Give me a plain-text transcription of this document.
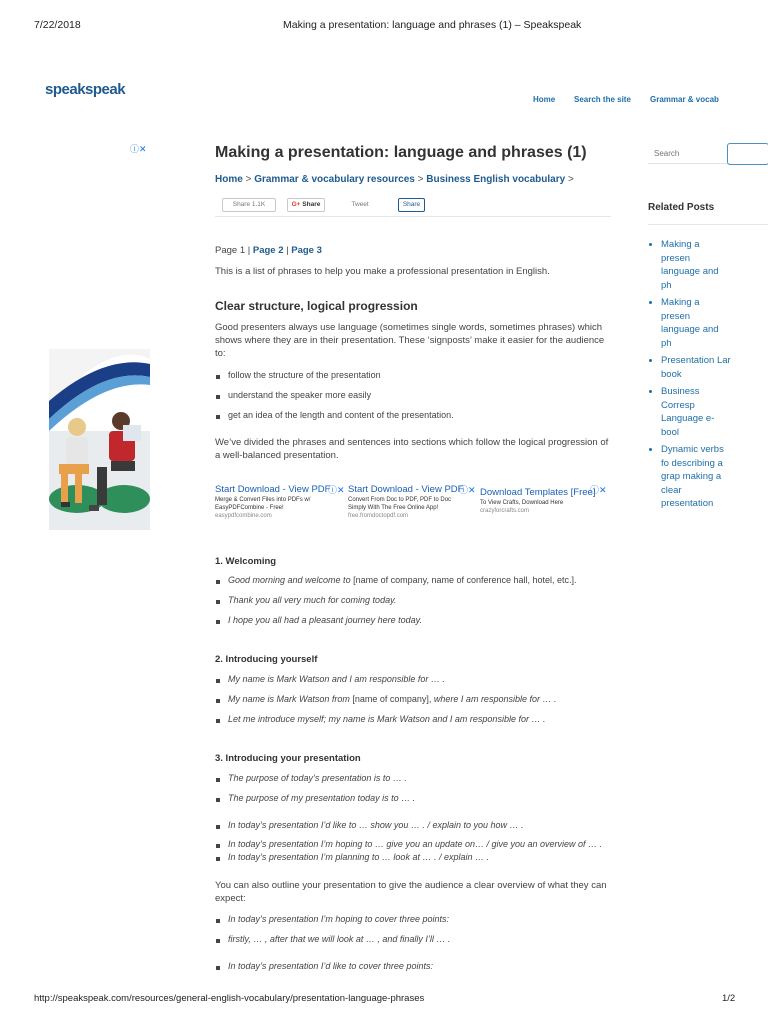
7/22/2018	Making a presentation: language and phrases (1) – Speakspeak
speakspeak
Home Search the site Grammar & vocab
ⓘ✕	Making a presentation: language and phrases (1)
Home > Grammar & vocabulary resources > Business English vocabulary >
Share 1.1K	G+ Share	Tweet	Share
Page 1 | Page 2 | Page 3
This is a list of phrases to help you make a professional presentation in English.
Clear structure, logical progression
Good presenters always use language (sometimes single words, sometimes phrases) which shows where they are in their presentation. These ‘signposts’ make it easier for the audience to:
follow the structure of the presentation
understand the speaker more easily
get an idea of the length and content of the presentation.
We’ve divided the phrases and sentences into sections which follow the logical progression of a well-balanced presentation.
Start Download - View PDF
Merge & Convert Files into PDFs w/
EasyPDFCombine - Free!
easypdfcombine.com
ⓘ✕ Start Download - View PDF
Convert From Doc to PDF, PDF to Doc
Simply With The Free Online App!
free.fromdoctopdf.com
ⓘ✕ Download Templates [Free]
To View Crafts, Download Here
crazyforcrafts.com
ⓘ✕
1. Welcoming
Good morning and welcome to [name of company, name of conference hall, hotel, etc.].
Thank you all very much for coming today.
I hope you all had a pleasant journey here today.
2. Introducing yourself
My name is Mark Watson and I am responsible for … .
My name is Mark Watson from [name of company], where I am responsible for … .
Let me introduce myself; my name is Mark Watson and I am responsible for … .
3. Introducing your presentation
The purpose of today’s presentation is to … .
The purpose of my presentation today is to … .
In today’s presentation I’d like to … show you … . / explain to you how … .
In today’s presentation I’m hoping to … give you an update on… / give you an overview of … .
In today’s presentation I’m planning to … look at … . / explain … .
You can also outline your presentation to give the audience a clear overview of what they can expect:
In today’s presentation I’m hoping to cover three points:
firstly, … , after that we will look at … , and finally I’ll … .
In today’s presentation I’d like to cover three points:
Search
Related Posts
• Making a presen language and ph
• Making a presen language and ph
• Presentation Lar book
• Business Corresp Language e-bool
• Dynamic verbs fo describing a grap making a clear presentation
http://speakspeak.com/resources/general-english-vocabulary/presentation-language-phrases	1/2
